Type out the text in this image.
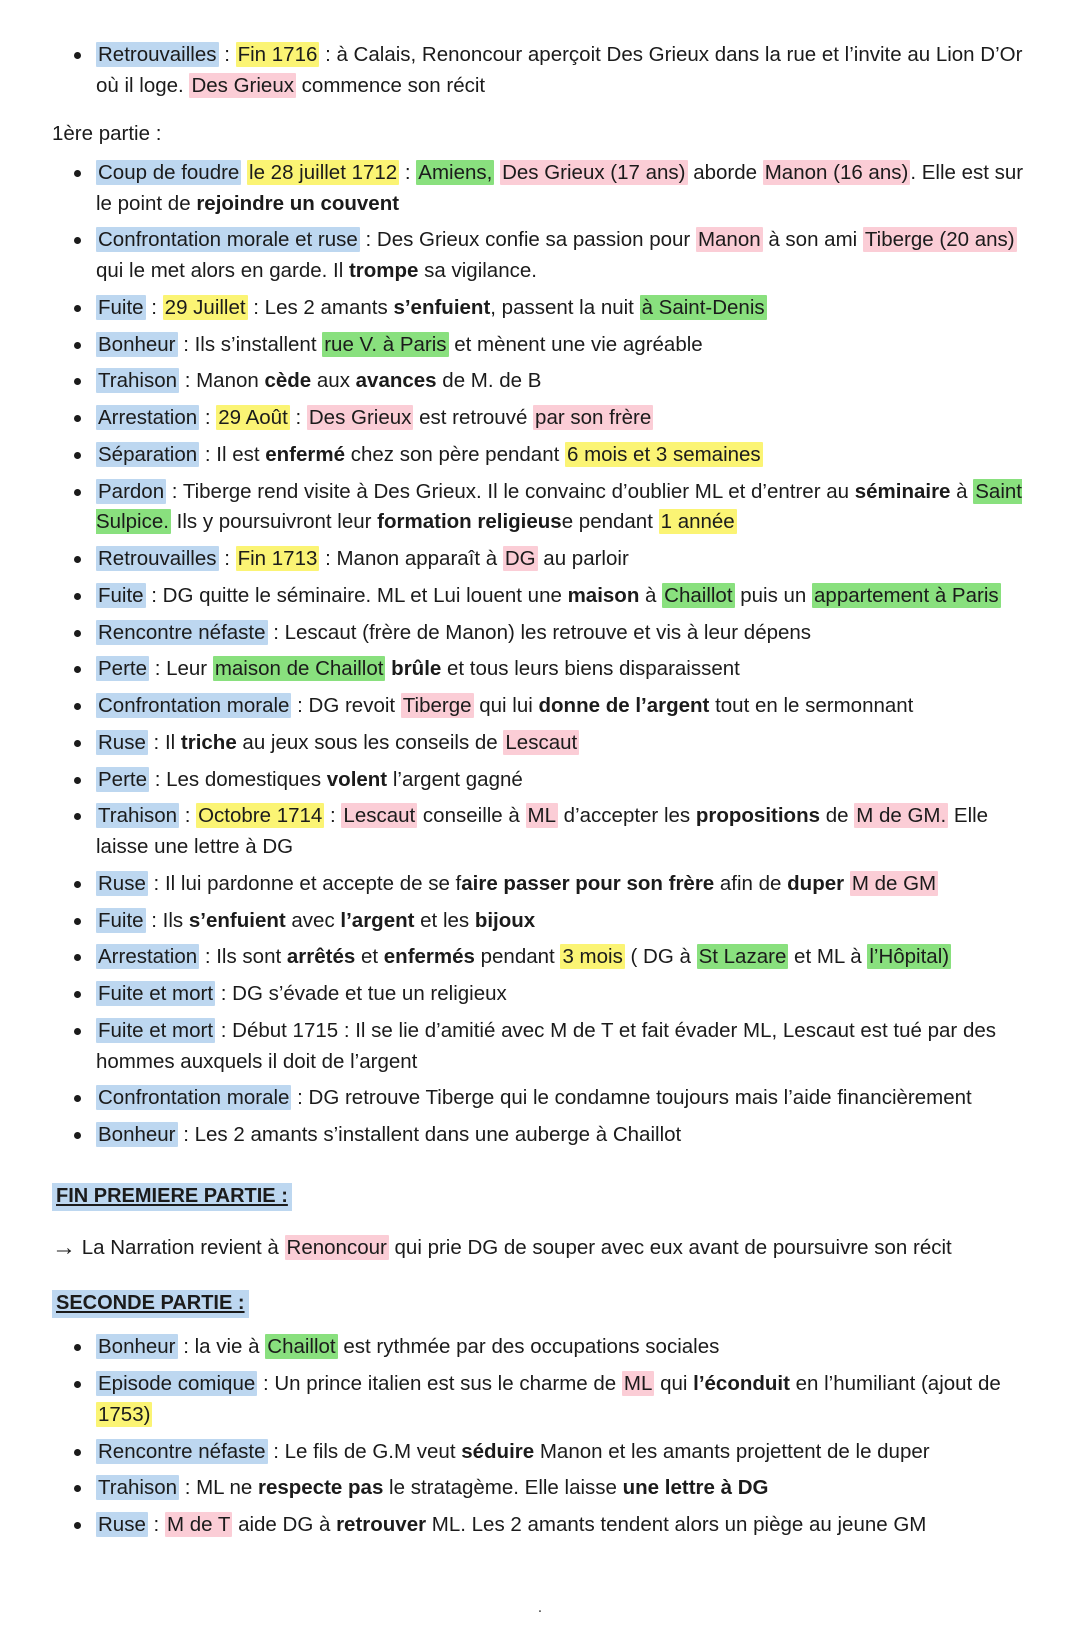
Retrouvailles : Fin 1716 : à Calais, Renoncour aperçoit Des Grieux dans la rue et l’invite au Lion D’Or où il loge. Des Grieux commence son récit
1ère partie :
Coup de foudre le 28 juillet 1712 : Amiens, Des Grieux (17 ans) aborde Manon (16 ans). Elle est sur le point de rejoindre un couvent
Confrontation morale et ruse : Des Grieux confie sa passion pour Manon à son ami Tiberge (20 ans) qui le met alors en garde. Il trompe sa vigilance.
Fuite : 29 Juillet : Les 2 amants s’enfuient, passent la nuit à Saint-Denis
Bonheur : Ils s’installent rue V. à Paris et mènent une vie agréable
Trahison : Manon cède aux avances de M. de B
Arrestation : 29 Août : Des Grieux est retrouvé par son frère
Séparation : Il est enfermé chez son père pendant 6 mois et 3 semaines
Pardon : Tiberge rend visite à Des Grieux. Il le convainc d’oublier ML et d’entrer au séminaire à Saint Sulpice. Ils y poursuivront leur formation religieuse pendant 1 année
Retrouvailles : Fin 1713 : Manon apparaît à DG au parloir
Fuite : DG quitte le séminaire. ML et Lui louent une maison à Chaillot puis un appartement à Paris
Rencontre néfaste : Lescaut (frère de Manon) les retrouve et vis à leur dépens
Perte : Leur maison de Chaillot brûle et tous leurs biens disparaissent
Confrontation morale : DG revoit Tiberge qui lui donne de l’argent tout en le sermonnant
Ruse : Il triche au jeux sous les conseils de Lescaut
Perte : Les domestiques volent l’argent gagné
Trahison : Octobre 1714 : Lescaut conseille à ML d’accepter les propositions de M de GM. Elle laisse une lettre à DG
Ruse : Il lui pardonne et accepte de se faire passer pour son frère afin de duper M de GM
Fuite : Ils s’enfuient avec l’argent et les bijoux
Arrestation : Ils sont arrêtés et enfermés pendant 3 mois ( DG à St Lazare et ML à l’Hôpital)
Fuite et mort : DG s’évade et tue un religieux
Fuite et mort : Début 1715 : Il se lie d’amitié avec M de T et fait évader ML, Lescaut est tué par des hommes auxquels il doit de l’argent
Confrontation morale : DG retrouve Tiberge qui le condamne toujours mais l’aide financièrement
Bonheur : Les 2 amants s’installent dans une auberge à Chaillot
FIN PREMIERE PARTIE :
→ La Narration revient à Renoncour qui prie DG de souper avec eux avant de poursuivre son récit
SECONDE PARTIE :
Bonheur : la vie à Chaillot est rythmée par des occupations sociales
Episode comique : Un prince italien est sus le charme de ML qui l’éconduit en l’humiliant (ajout de 1753)
Rencontre néfaste : Le fils de G.M veut séduire Manon et les amants projettent de le duper
Trahison : ML ne respecte pas le stratagème. Elle laisse une lettre à DG
Ruse : M de T aide DG à retrouver ML. Les 2 amants tendent alors un piège au jeune GM
.
